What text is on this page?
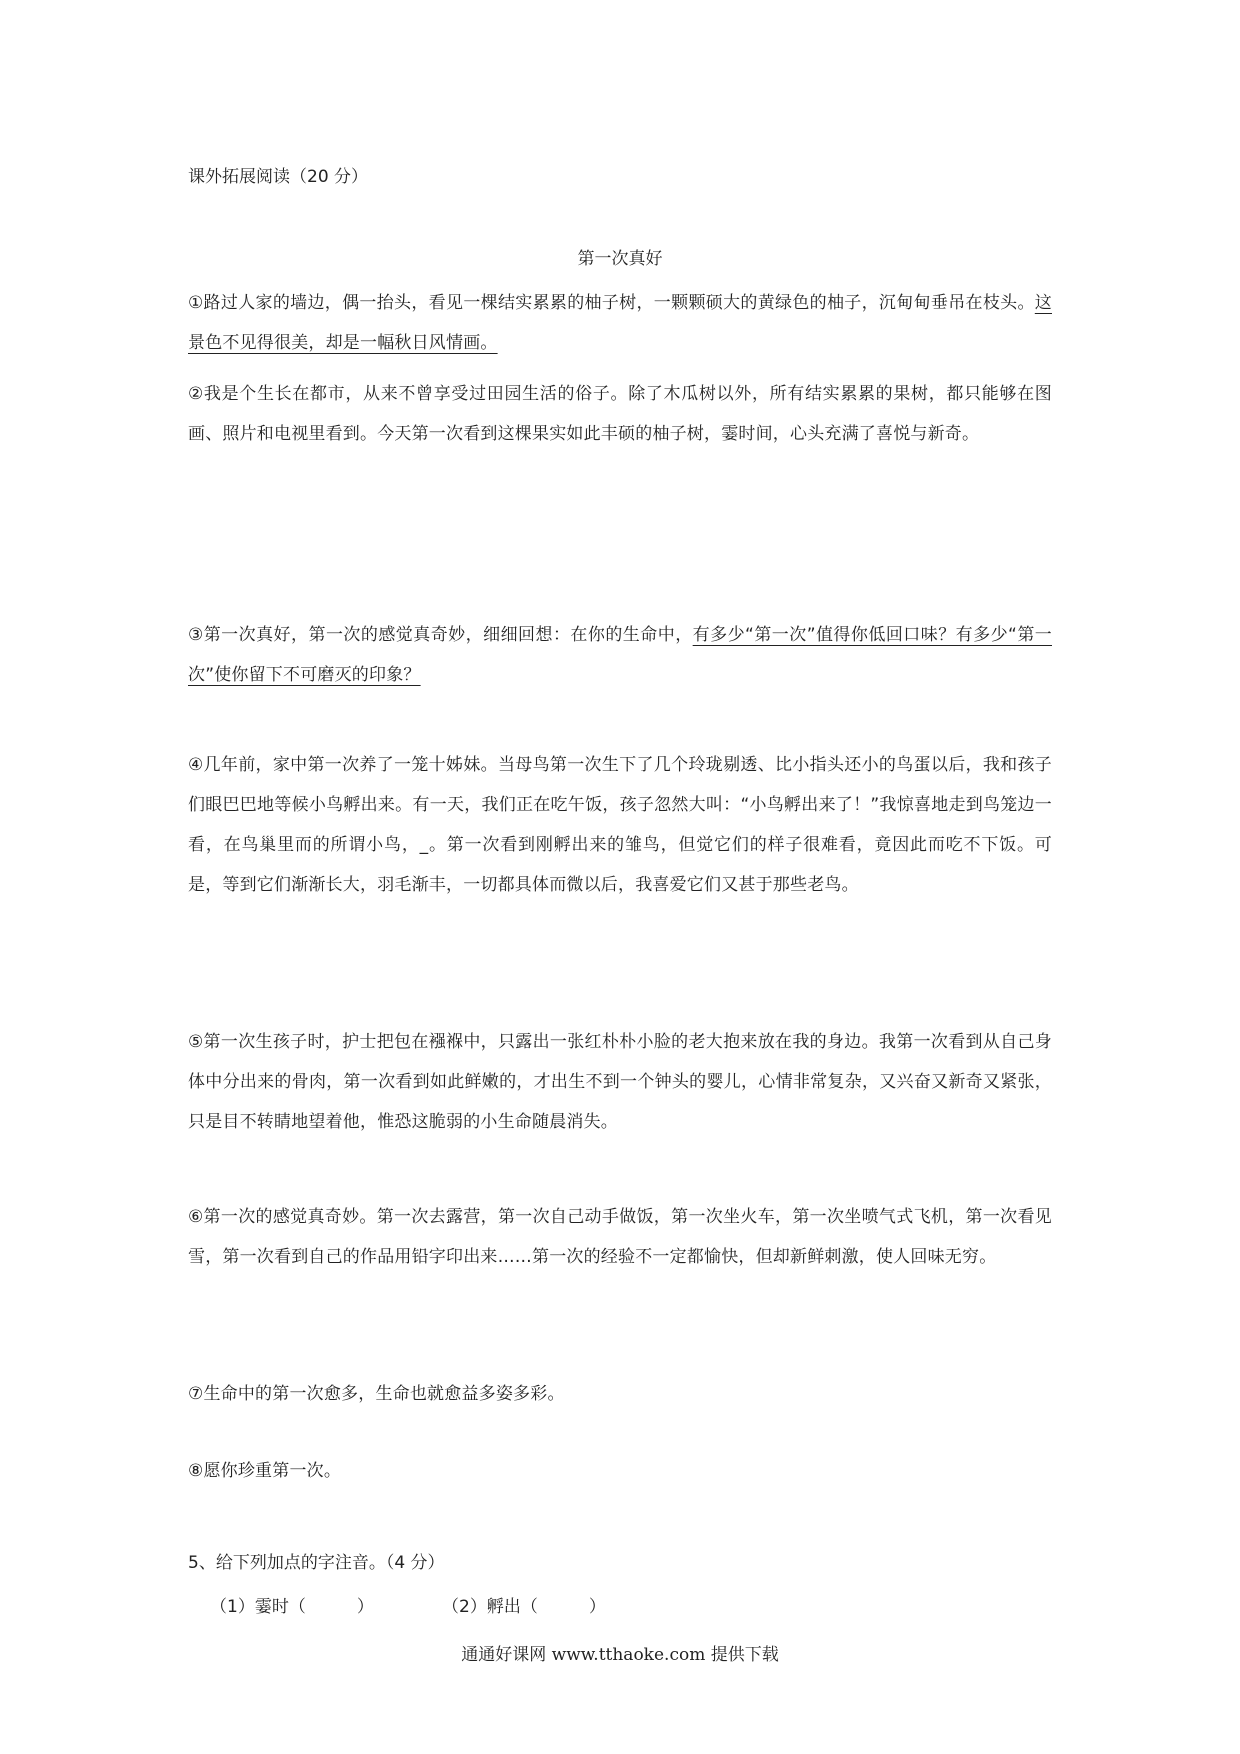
课外拓展阅读（20 分）
第一次真好
①路过人家的墙边，偶一抬头，看见一棵结实累累的柚子树，一颗颗硕大的黄绿色的柚子，沉甸甸垂吊在枝头。这景色不见得很美，却是一幅秋日风情画。
②我是个生长在都市，从来不曾享受过田园生活的俗子。除了木瓜树以外，所有结实累累的果树，都只能够在图画、照片和电视里看到。今天第一次看到这棵果实如此丰硕的柚子树，霎时间，心头充满了喜悦与新奇。
③第一次真好，第一次的感觉真奇妙，细细回想：在你的生命中，有多少“第一次”值得你低回口味？有多少“第一次”使你留下不可磨灭的印象？
④几年前，家中第一次养了一笼十姊妹。当母鸟第一次生下了几个玲珑剔透、比小指头还小的鸟蛋以后，我和孩子们眼巴巴地等候小鸟孵出来。有一天，我们正在吃午饭，孩子忽然大叫：“小鸟孵出来了！”我惊喜地走到鸟笼边一看，在鸟巢里而的所谓小鸟，_。第一次看到刚孵出来的雏鸟，但觉它们的样子很难看，竟因此而吃不下饭。可是，等到它们渐渐长大，羽毛渐丰，一切都具体而微以后，我喜爱它们又甚于那些老鸟。
⑤第一次生孩子时，护士把包在襁褓中，只露出一张红朴朴小脸的老大抱来放在我的身边。我第一次看到从自己身体中分出来的骨肉，第一次看到如此鲜嫩的，才出生不到一个钟头的婴儿，心情非常复杂，又兴奋又新奇又紧张，只是目不转睛地望着他，惟恐这脆弱的小生命随晨消失。
⑥第一次的感觉真奇妙。第一次去露营，第一次自己动手做饭，第一次坐火车，第一次坐喷气式飞机，第一次看见雪，第一次看到自己的作品用铅字印出来……第一次的经验不一定都愉快，但却新鲜刺激，使人回味无穷。
⑦生命中的第一次愈多，生命也就愈益多姿多彩。
⑧愿你珍重第一次。
5、给下列加点的字注音。（4 分）
（1）霎时（　　　）	（2）孵出（　　　）
通通好课网 www.tthaoke.com 提供下载
